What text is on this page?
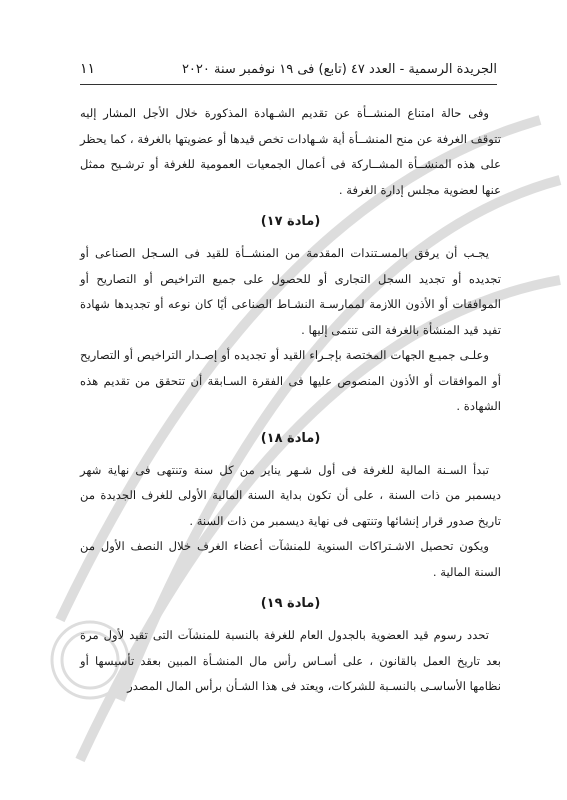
الجريدة الرسمية - العدد ٤٧ (تابع) فى ١٩ نوفمبر سنة ٢٠٢٠
١١

وفى حالة امتناع المنشــأة عن تقديم الشـهادة المذكورة خلال الأجل المشار إليه تتوقف الغرفة عن منح المنشــأة أية شـهادات تخص قيدها أو عضويتها بالغرفة ، كما يحظر على هذه المنشــأة المشــاركة فى أعمال الجمعيات العمومية للغرفة أو ترشـيح ممثل عنها لعضوية مجلس إدارة الغرفة .

(مادة ١٧)

يجـب أن يرفق بالمسـتندات المقدمة من المنشــأة للقيد فى السـجل الصناعى أو تجديده أو تجديد السجل التجارى أو للحصول على جميع التراخيص أو التصاريح أو الموافقات أو الأذون اللازمة لممارسـة النشـاط الصناعى أيًا كان نوعه أو تجديدها شهادة تفيد قيد المنشأة بالغرفة التى تنتمى إليها .

وعلـى جميـع الجهات المختصة بإجـراء القيد أو تجديده أو إصـدار التراخيص أو التصاريح أو الموافقات أو الأذون المنصوص عليها فى الفقرة السـابقة أن تتحقق من تقديم هذه الشهادة .

(مادة ١٨)

تبدأ السـنة المالية للغرفة فى أول شـهر يناير من كل سنة وتنتهى فى نهاية شهر ديسمبر من ذات السنة ، على أن تكون بداية السنة المالية الأولى للغرف الجديدة من تاريخ صدور قرار إنشائها وتنتهى فى نهاية ديسمبر من ذات السنة .

ويكون تحصيل الاشـتراكات السنوية للمنشآت أعضاء الغرف خلال النصف الأول من السنة المالية .

(مادة ١٩)

تحدد رسوم قيد العضوية بالجدول العام للغرفة بالنسبة للمنشآت التى تقيد لأول مرة بعد تاريخ العمل بالقانون ، على أسـاس رأس مال المنشـأة المبين بعقد تأسيسها أو نظامها الأساسـى بالنسـبة للشركات، ويعتد فى هذا الشـأن برأس المال المصدر
